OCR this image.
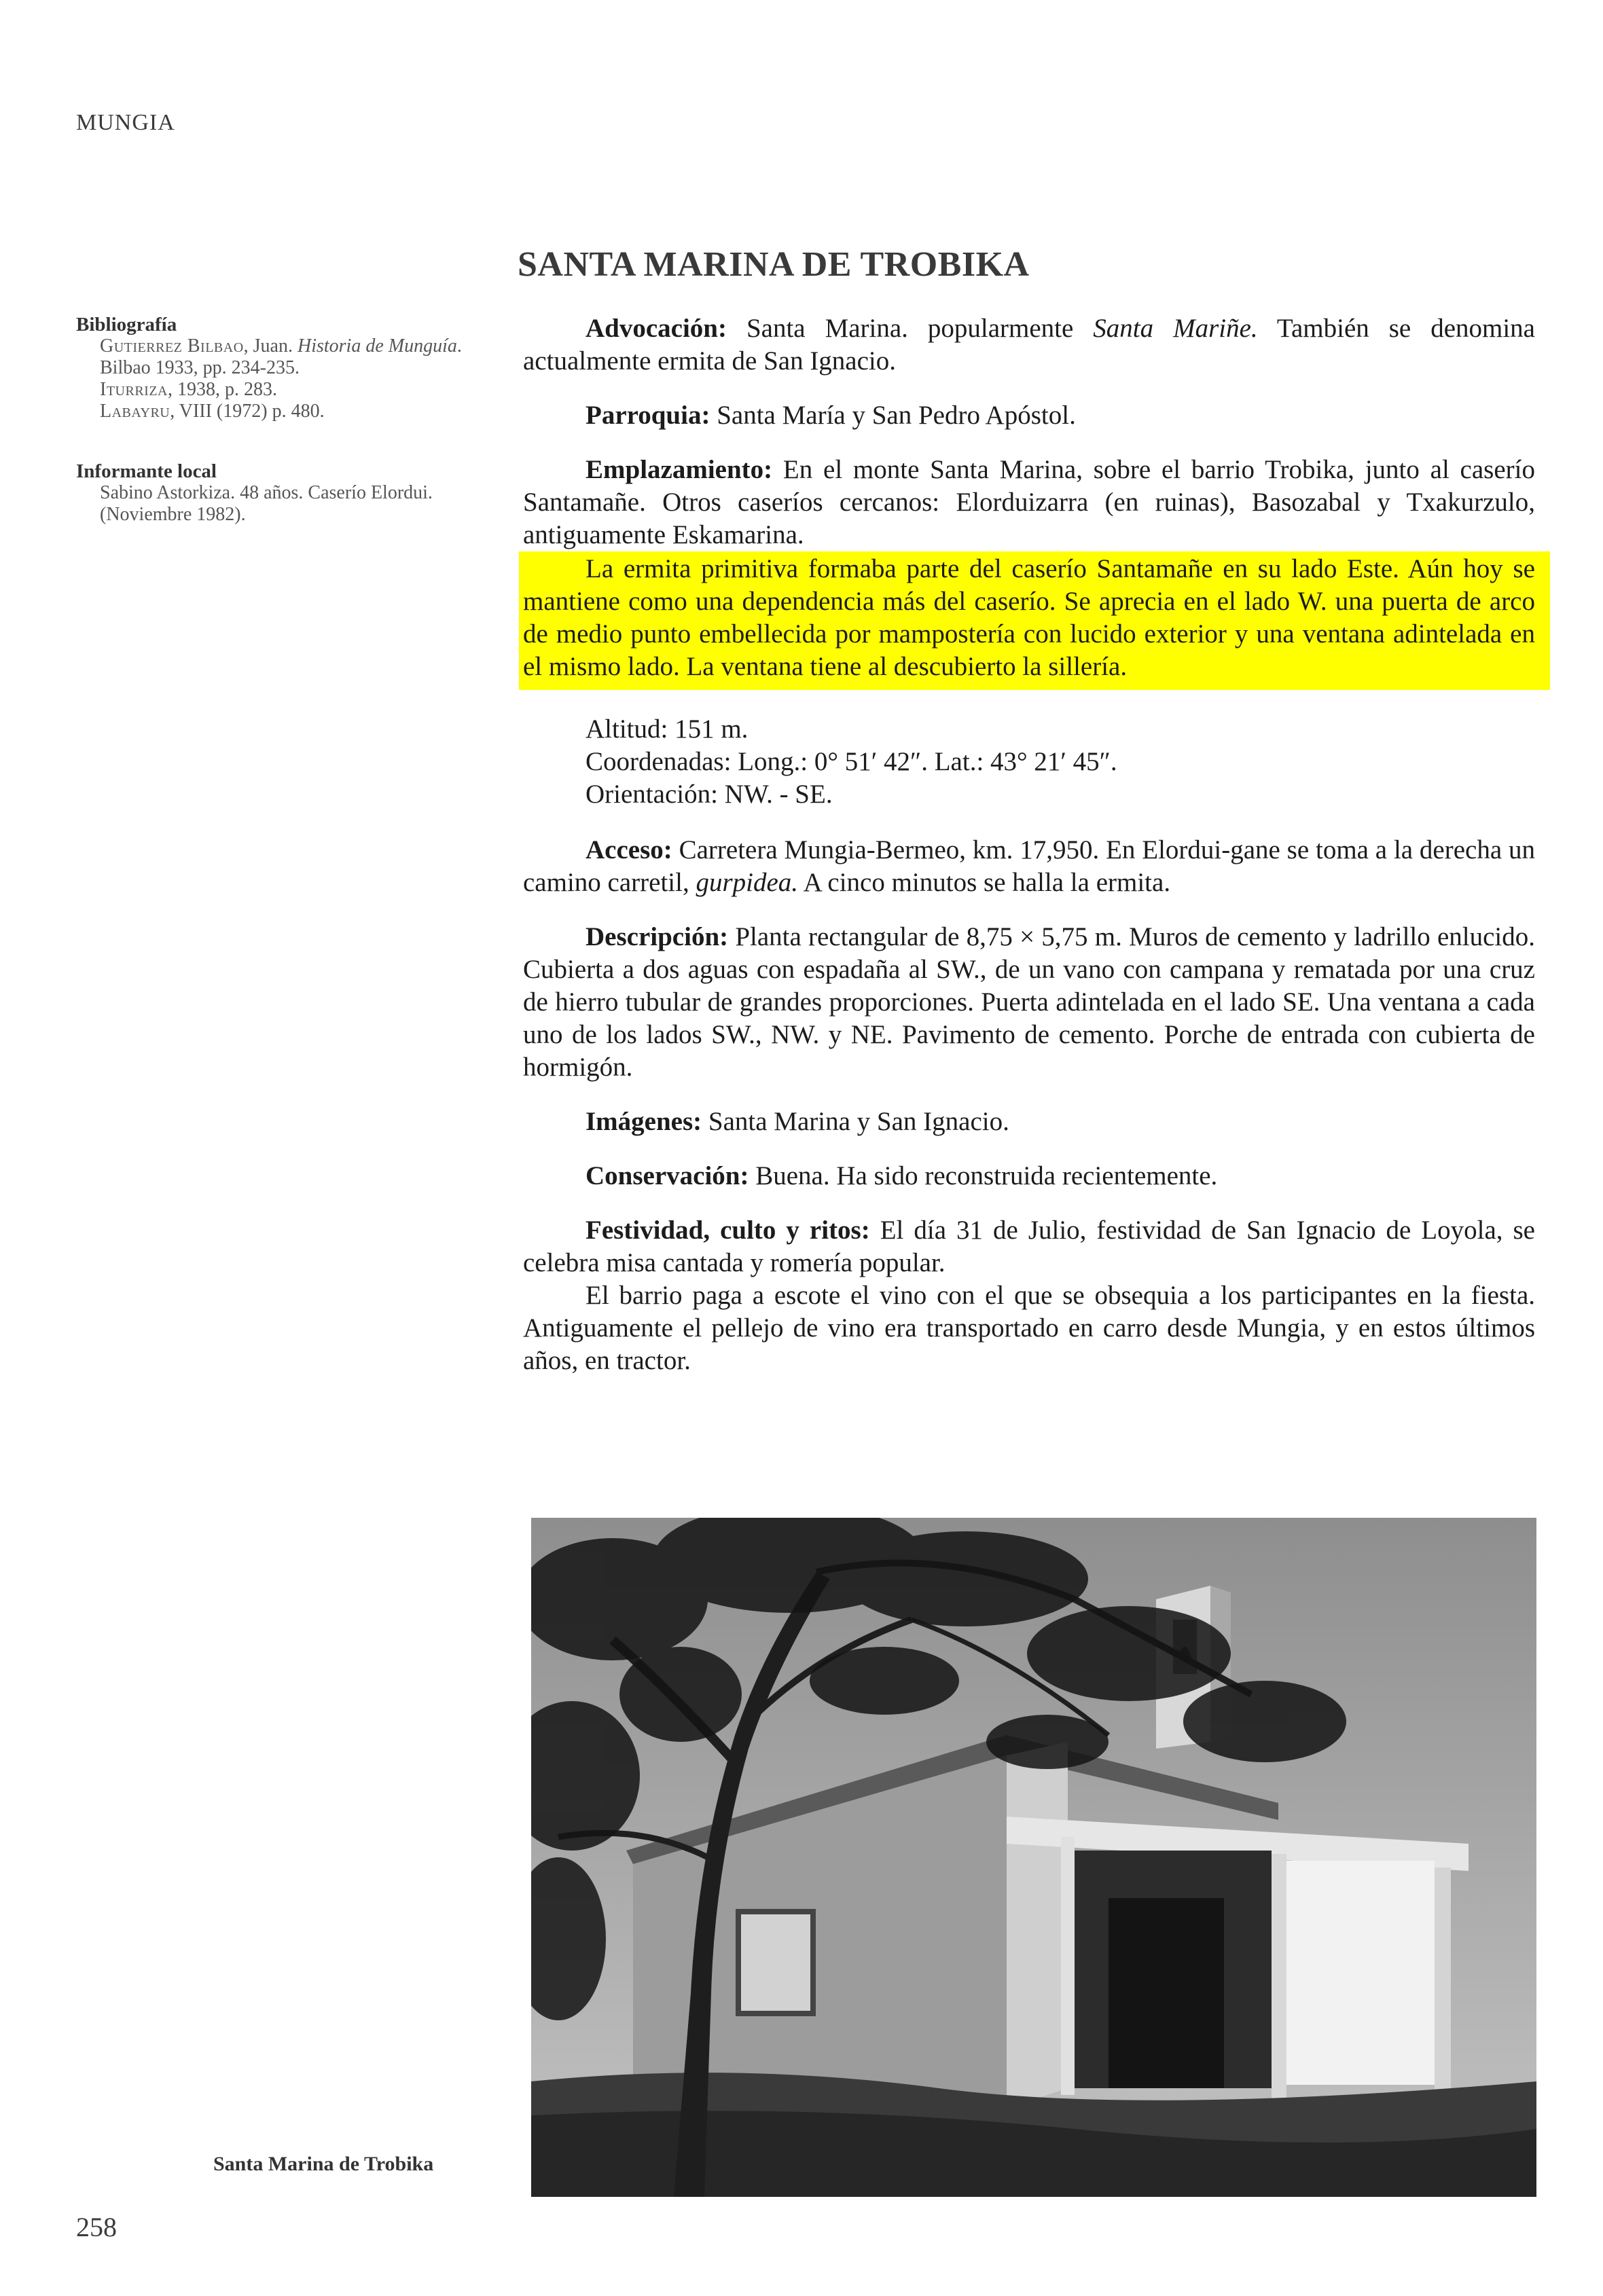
MUNGIA
SANTA MARINA DE TROBIKA
Bibliografía
Gutierrez Bilbao, Juan. Historia de Munguía. Bilbao 1933, pp. 234-235.
Iturriza, 1938, p. 283.
Labayru, VIII (1972) p. 480.
Informante local
Sabino Astorkiza. 48 años. Caserío Elordui. (Noviembre 1982).

Advocación: Santa Marina. popularmente Santa Mariñe. También se denomina actualmente ermita de San Ignacio.

Parroquia: Santa María y San Pedro Apóstol.

Emplazamiento: En el monte Santa Marina, sobre el barrio Trobika, junto al caserío Santamañe. Otros caseríos cercanos: Elorduizarra (en ruinas), Basozabal y Txakurzulo, antiguamente Eskamarina.

La ermita primitiva formaba parte del caserío Santamañe en su lado Este. Aún hoy se mantiene como una dependencia más del caserío. Se aprecia en el lado W. una puerta de arco de medio punto embellecida por mampostería con lucido exterior y una ventana adintelada en el mismo lado. La ventana tiene al descubierto la sillería.
Altitud: 151 m.
Coordenadas: Long.: 0° 51′ 42″. Lat.: 43° 21′ 45″.
Orientación: NW. - SE.

Acceso: Carretera Mungia-Bermeo, km. 17,950. En Elordui-gane se toma a la derecha un camino carretil, gurpidea. A cinco minutos se halla la ermita.

Descripción: Planta rectangular de 8,75 × 5,75 m. Muros de cemento y ladrillo enlucido. Cubierta a dos aguas con espadaña al SW., de un vano con campana y rematada por una cruz de hierro tubular de grandes proporciones. Puerta adintelada en el lado SE. Una ventana a cada uno de los lados SW., NW. y NE. Pavimento de cemento. Porche de entrada con cubierta de hormigón.

Imágenes: Santa Marina y San Ignacio.

Conservación: Buena. Ha sido reconstruida recientemente.

Festividad, culto y ritos: El día 31 de Julio, festividad de San Ignacio de Loyola, se celebra misa cantada y romería popular.

El barrio paga a escote el vino con el que se obsequia a los participantes en la fiesta. Antiguamente el pellejo de vino era transportado en carro desde Mungia, y en estos últimos años, en tractor.

Santa Marina de Trobika
258
